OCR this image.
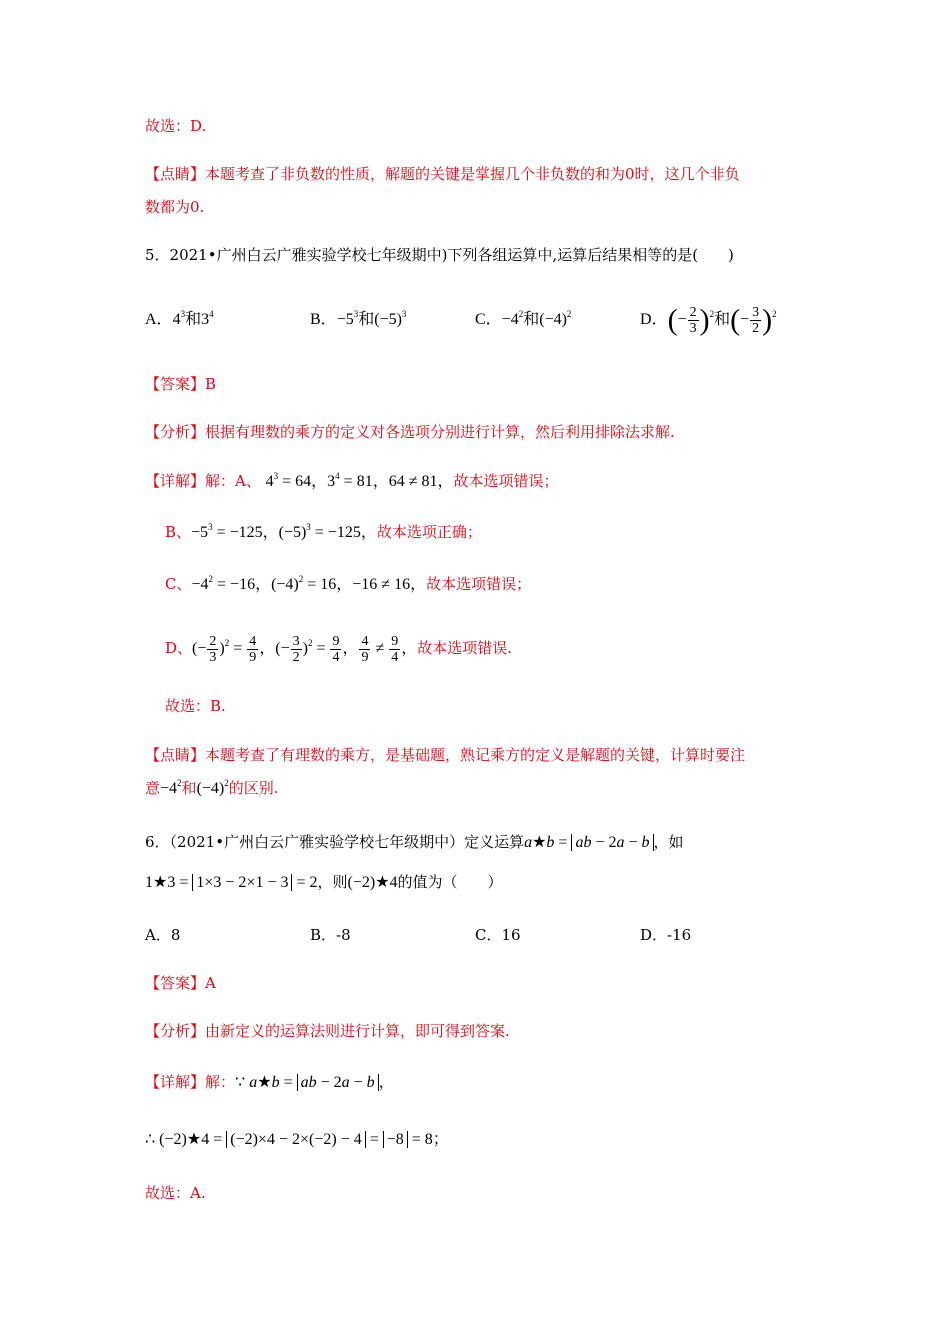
故选：D.
【点睛】本题考查了非负数的性质，解题的关键是掌握几个非负数的和为0时，这几个非负
数都为0.
5．2021•广州白云广雅实验学校七年级期中)下列各组运算中,运算后结果相等的是(　　)
A．$4^3$和$3^4$	B．$-5^3$和$(-5)^3$	C．$-4^2$和$(-4)^2$	D．(− $\frac{2}{3} )^2$和(− $\frac{3}{2} )^2$
【答案】B
【分析】根据有理数的乘方的定义对各选项分别进行计算，然后利用排除法求解.
【详解】解：A、 $4^3 = 64$，$3^4 = 81$，64 ≠ 81，故本选项错误；
B、$-5^3 = -125$，$(-5)^3 = -125$，故本选项正确；
C、$-4^2 = -16$，$(-4)^2 = 16$，−16 ≠ 16，故本选项错误；
D、(− $\frac{2}{3} )^2 = \frac{4}{9}$ ，(− $\frac{3}{2} )^2 = \frac{9}{4}$ ， $\frac{4}{9} \ne \frac{9}{4}$ ，故本选项错误.
故选：B.
【点睛】本题考查了有理数的乘方，是基础题，熟记乘方的定义是解题的关键，计算时要注
意$-4^2$和$(-4)^2$的区别.
6．（2021•广州白云广雅实验学校七年级期中）定义运算a★b = ab − 2a − b ，如
1★3 = 1×3 − 2×1 − 3 = 2，则(−2)★4的值为（　　）
A．8	B．-8	C．16	D．-16
【答案】A
【分析】由新定义的运算法则进行计算，即可得到答案.
【详解】解：∵ a★b = ab − 2a − b ，
∴ (−2)★4 = (−2)×4 − 2×(−2) − 4 = −8 = 8；
故选：A.
